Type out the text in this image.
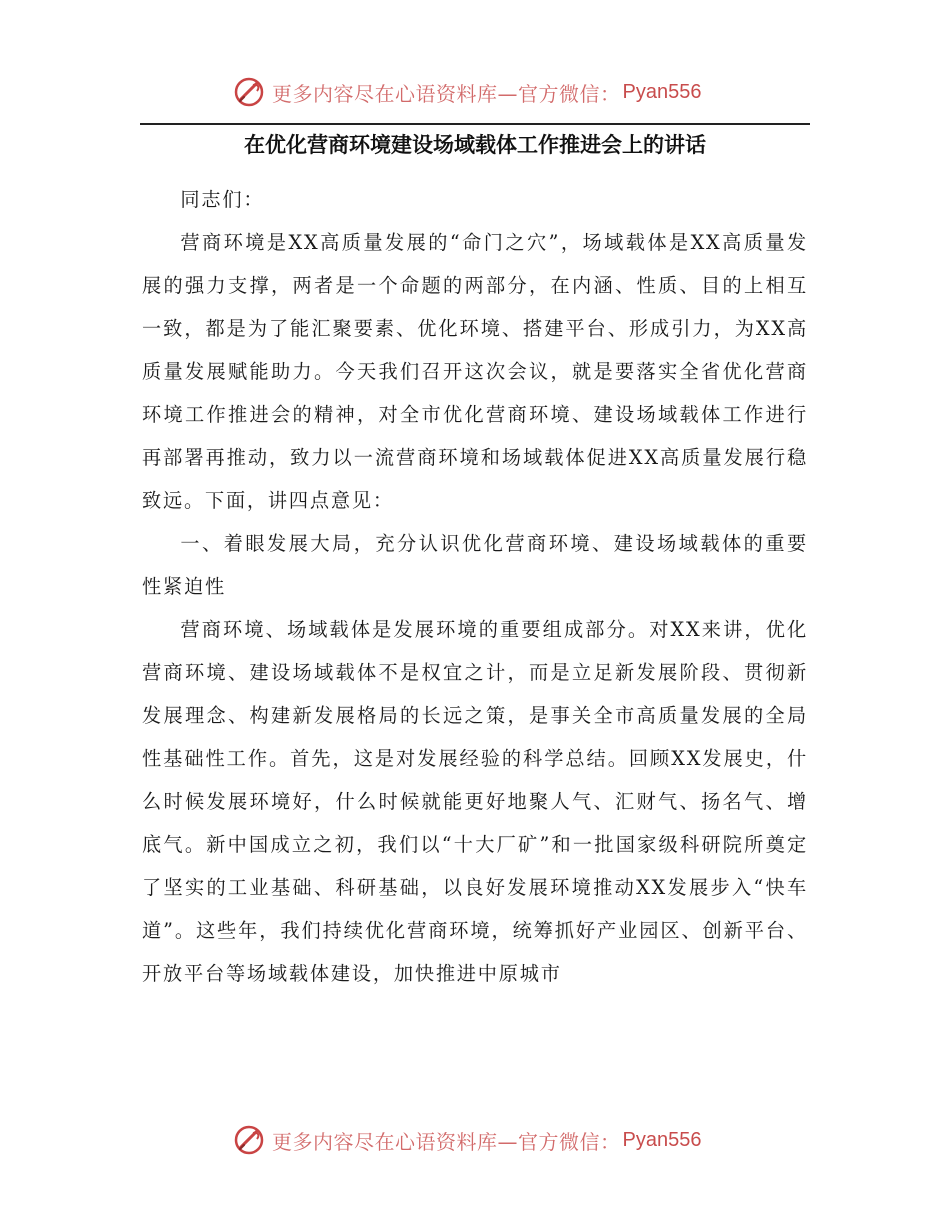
更多内容尽在心语资料库—官方微信： Pyan556
在优化营商环境建设场域载体工作推进会上的讲话

同志们：

营商环境是XX高质量发展的“命门之穴”，场域载体是XX高质量发展的强力支撑，两者是一个命题的两部分，在内涵、性质、目的上相互一致，都是为了能汇聚要素、优化环境、搭建平台、形成引力，为XX高质量发展赋能助力。今天我们召开这次会议，就是要落实全省优化营商环境工作推进会的精神，对全市优化营商环境、建设场域载体工作进行再部署再推动，致力以一流营商环境和场域载体促进XX高质量发展行稳致远。下面，讲四点意见：

一、着眼发展大局，充分认识优化营商环境、建设场域载体的重要性紧迫性

营商环境、场域载体是发展环境的重要组成部分。对XX来讲，优化营商环境、建设场域载体不是权宜之计，而是立足新发展阶段、贯彻新发展理念、构建新发展格局的长远之策，是事关全市高质量发展的全局性基础性工作。首先，这是对发展经验的科学总结。回顾XX发展史，什么时候发展环境好，什么时候就能更好地聚人气、汇财气、扬名气、增底气。新中国成立之初，我们以“十大厂矿”和一批国家级科研院所奠定了坚实的工业基础、科研基础，以良好发展环境推动XX发展步入“快车道”。这些年，我们持续优化营商环境，统筹抓好产业园区、创新平台、开放平台等场域载体建设，加快推进中原城市

更多内容尽在心语资料库—官方微信： Pyan556
